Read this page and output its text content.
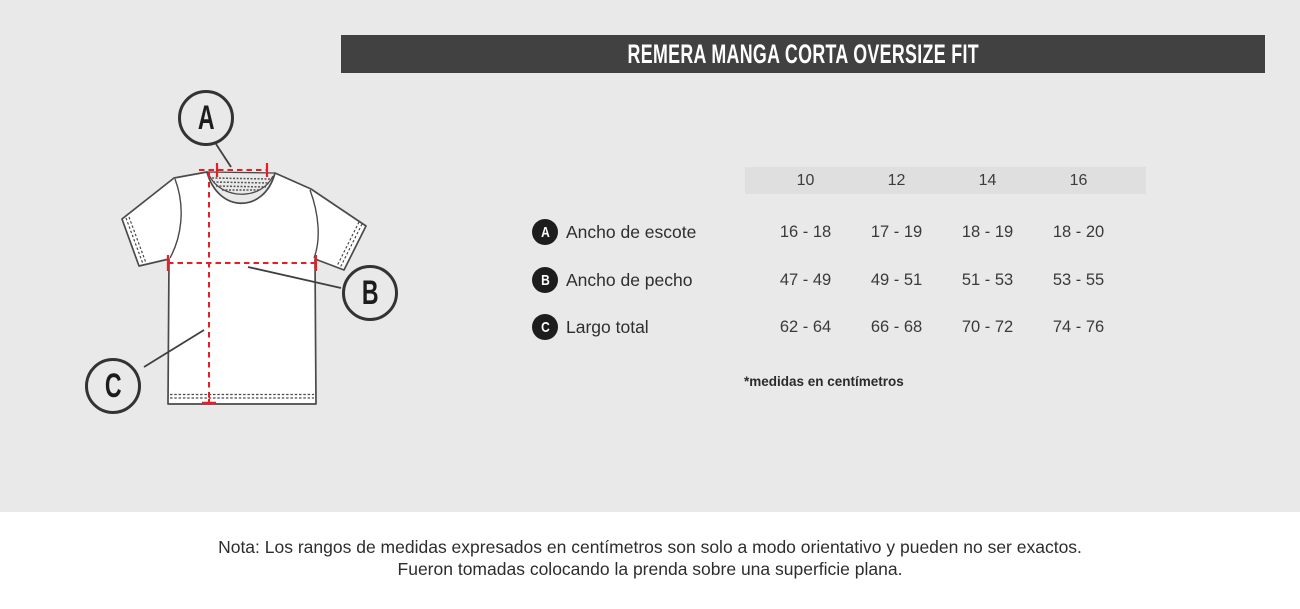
REMERA MANGA CORTA OVERSIZE FIT
A
B
C
10	12	14	16
A Ancho de escote	16 - 18	17 - 19	18 - 19	18 - 20
B Ancho de pecho	47 - 49	49 - 51	51 - 53	53 - 55
C Largo total	62 - 64	66 - 68	70 - 72	74 - 76
*medidas en centímetros
Nota: Los rangos de medidas expresados en centímetros son solo a modo orientativo y pueden no ser exactos.
Fueron tomadas colocando la prenda sobre una superficie plana.
